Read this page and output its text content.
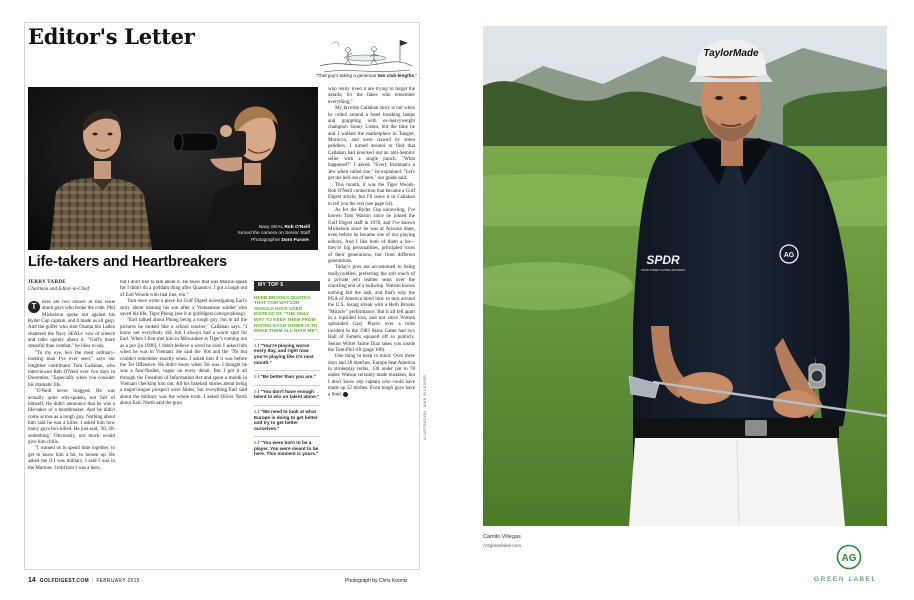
Editor's Letter
"That guy's taking a generous two club-lengths."
Navy SEAL Rob O'Neill
turned the camera on Senior Staff
Photographer Dom Furore.
Life-takers and Heartbreakers
JERRY TARDE
Chairman and Editor-in-Chief

T	here are two stories in this issue about guys who broke the code. Phil Mickelson spoke out against his Ryder Cup captain, and it made us all gasp. And the golfer who shot Osama bin Laden shattered the Navy SEALs' vow of silence and talks openly about it. "Golf's more stressful than combat," he likes to say.

"To my eye, he's the most ordinary-looking man I've ever seen," says our longtime contributor Tom Callahan, who interviewed Rob O'Neill over two days in December. "Especially when you consider his dramatic life.

"O'Neill never bragged. He was actually quite soft-spoken, not full of himself. He didn't announce that he was a life-taker or a heartbreaker. And he didn't come across as a tough guy. Nothing about him said he was a killer. I asked him how many guys he's killed. He just said, '30, 30-something.' Obviously, not much would give him chills.

"I wanted us to spend time together, to get to know him a bit, to loosen up. He asked me if I was military. I said I was in the Marines. I told him I was a hero,

but I don't like to talk about it. He knew that was Marine-speak for I didn't do a goddam thing after Quantico. I got a laugh out of Earl Woods with that line, too."

Tom once wrote a piece for Golf Digest investigating Earl's story about naming his son after a Vietnamese soldier who saved his life, Tiger Phong (see it at golfdigest.com/go/phong).

"Earl talked about Phong being a tough guy, but in all the pictures he looked like a school teacher," Callahan says. "I know not everybody did, but I always had a warm spot for Earl. When I first met him in Milwaukee at Tiger's coming out as a pro [in 1996], I didn't believe a word he said. I asked him when he was in Vietnam. He said the '60s and the '70s but couldn't remember exactly when. I asked him if it was before the Tet Offensive. He didn't know when Tet was. I thought he was a four-flusher, vague on every detail. But I got it all through the Freedom of Information Act and spent a month in Vietnam checking him out. All his baseball stories about being a major-league prospect were fables, but everything Earl said about the military was the whole truth. I asked Oliver North about Earl. North said the guys

MY TOP 5
HERB BROOKS QUOTES THAT TOM WATSON SHOULD HAVE USED INSTEAD OF "THE ONLY WAY TO KEEP THEM FROM HATING EACH OTHER IS TO MAKE THEM ALL HATE ME":
1 / "You're playing worse every day, and right now you're playing like it's next month."
2 / "Be better than you are."
3 / "You don't have enough talent to win on talent alone."
4 / "We need to look at what Europe is doing to get better and try to get better ourselves."
5 / "You were born to be a player. You were meant to be here. This moment is yours."

who really lived it are trying to forget the details; it's the fakes who remember everything."

My favorite Callahan story is not when he rolled around a hotel breaking lamps and grappling with ex-heavyweight champion Sonny Liston, but the time he and I walked the marketplace in Tangier, Morocco, and were clawed by street peddlers. I turned around to find that Callahan had knocked out an anti-Semitic seller with a single punch. "What happened?" I asked. "Every Irishman's a Jew when called one," he explained. "Let's get the hell out of here," our guide said.

This month, it was the Tiger Woods-Rob O'Neill connection that became a Golf Digest article, but I'll leave it to Callahan to tell you the rest (see page 64).

As for the Ryder Cup unraveling, I've known Tom Watson since he joined the Golf Digest staff in 1978, and I've known Mickelson since he was at Arizona State, even before he became one of our playing editors. And I like both of them a lot—they're big personalities, principled icons of their generations, but from different generations.

Today's pros are accustomed to being mollycoddled, preferring the soft touch of a private jet's leather seats over the crackling end of a bullwhip. Watson knows nothing but the lash, and that's why the PGA of America hired him: to turn around the U.S. losing streak with a Herb Brooks "Miracle" performance. But it all fell apart in a lopsided loss, and not since Watson upbraided Gary Player over a rules incident in the 1983 Skins Game had two Hall of Famers squared off so publicly. Senior Writer Jaime Diaz takes you inside the Tom-Phil rift (page 100).

One thing to keep in mind: Over three days and 28 matches, Europe beat America in strokeplay terms, 130 under par to 78 under. Watson certainly made mistakes, but I don't know any captain who could have made up 52 birdies. Even tough guys have a limit.	ILLUSTRATION: JOHN IR LEAVER
14 GOLFDIGEST.COM | FEBRUARY 2015	Photograph by Chris Koontz
TaylorMade
SPDR
STATE STREET GLOBAL ADVISORS
AG
Camilo Villegas
AGgreenlabel.com
AG
GREEN LABEL
